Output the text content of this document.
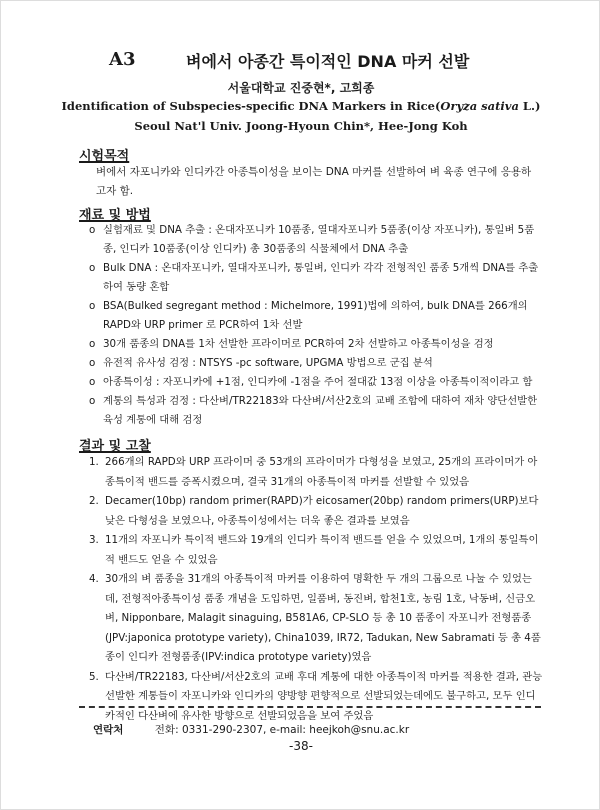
A3	벼에서 아종간 특이적인 DNA 마커 선발
서울대학교 진중현*, 고희종
Identification of Subspecies-specific DNA Markers in Rice(Oryza sativa L.)
Seoul Nat'l Univ. Joong-Hyoun Chin*, Hee-Jong Koh
시험목적
벼에서 자포니카와 인디카간 아종특이성을 보이는 DNA 마커를 선발하여 벼 육종 연구에 응용하고자 함.
재료 및 방법
o 실험재료 및 DNA 추출 : 온대자포니카 10품종, 열대자포니카 5품종(이상 자포니카), 통일벼 5품종, 인디카 10품종(이상 인디카) 총 30품종의 식물체에서 DNA 추출
o Bulk DNA : 온대자포니카, 열대자포니카, 통일벼, 인디카 각각 전형적인 품종 5개씩 DNA를 추출하여 동량 혼합
o BSA(Bulked segregant method : Michelmore, 1991)법에 의하여, bulk DNA를 266개의 RAPD와 URP primer 로 PCR하여 1차 선발
o 30개 품종의 DNA를 1차 선발한 프라이머로 PCR하여 2차 선발하고 아종특이성을 검정
o 유전적 유사성 검정 : NTSYS -pc software, UPGMA 방법으로 군집 분석
o 아종특이성 : 자포니카에 +1점, 인디카에 -1점을 주어 절대값 13점 이상을 아종특이적이라고 함
o 계통의 특성과 검정 : 다산벼/TR22183와 다산벼/서산2호의 교배 조합에 대하여 재차 양단선발한 육성 계통에 대해 검정
결과 및 고찰
1. 266개의 RAPD와 URP 프라이머 중 53개의 프라이머가 다형성을 보였고, 25개의 프라이머가 아종특이적 밴드를 증폭시켰으며, 결국 31개의 아종특이적 마커를 선발할 수 있었음
2. Decamer(10bp) random primer(RAPD)가 eicosamer(20bp) random primers(URP)보다 낮은 다형성을 보였으나, 아종특이성에서는 더욱 좋은 결과를 보였음
3. 11개의 자포니카 특이적 밴드와 19개의 인디카 특이적 밴드를 얻을 수 있었으며, 1개의 통일특이적 밴드도 얻을 수 있었음
4. 30개의 벼 품종을 31개의 아종특이적 마커를 이용하여 명확한 두 개의 그룹으로 나눌 수 있었는데, 전형적아종특이성 품종 개념을 도입하면, 일품벼, 동진벼, 합천1호, 농림 1호, 낙동벼, 신금오벼, Nipponbare, Malagit sinaguing, B581A6, CP-SLO 등 총 10 품종이 자포니카 전형품종(JPV:japonica prototype variety), China1039, IR72, Tadukan, New Sabramati 등 총 4품종이 인디카 전형품종(IPV:indica prototype variety)였음
5. 다산벼/TR22183, 다산벼/서산2호의 교배 후대 계통에 대한 아종특이적 마커를 적용한 결과, 관능 선발한 계통들이 자포니카와 인디카의 양방향 편향적으로 선발되었는데에도 불구하고, 모두 인디카적인 다산벼에 유사한 방향으로 선발되었음을 보여 주었음
연락처	전화: 0331-290-2307, e-mail: heejkoh@snu.ac.kr
-38-
